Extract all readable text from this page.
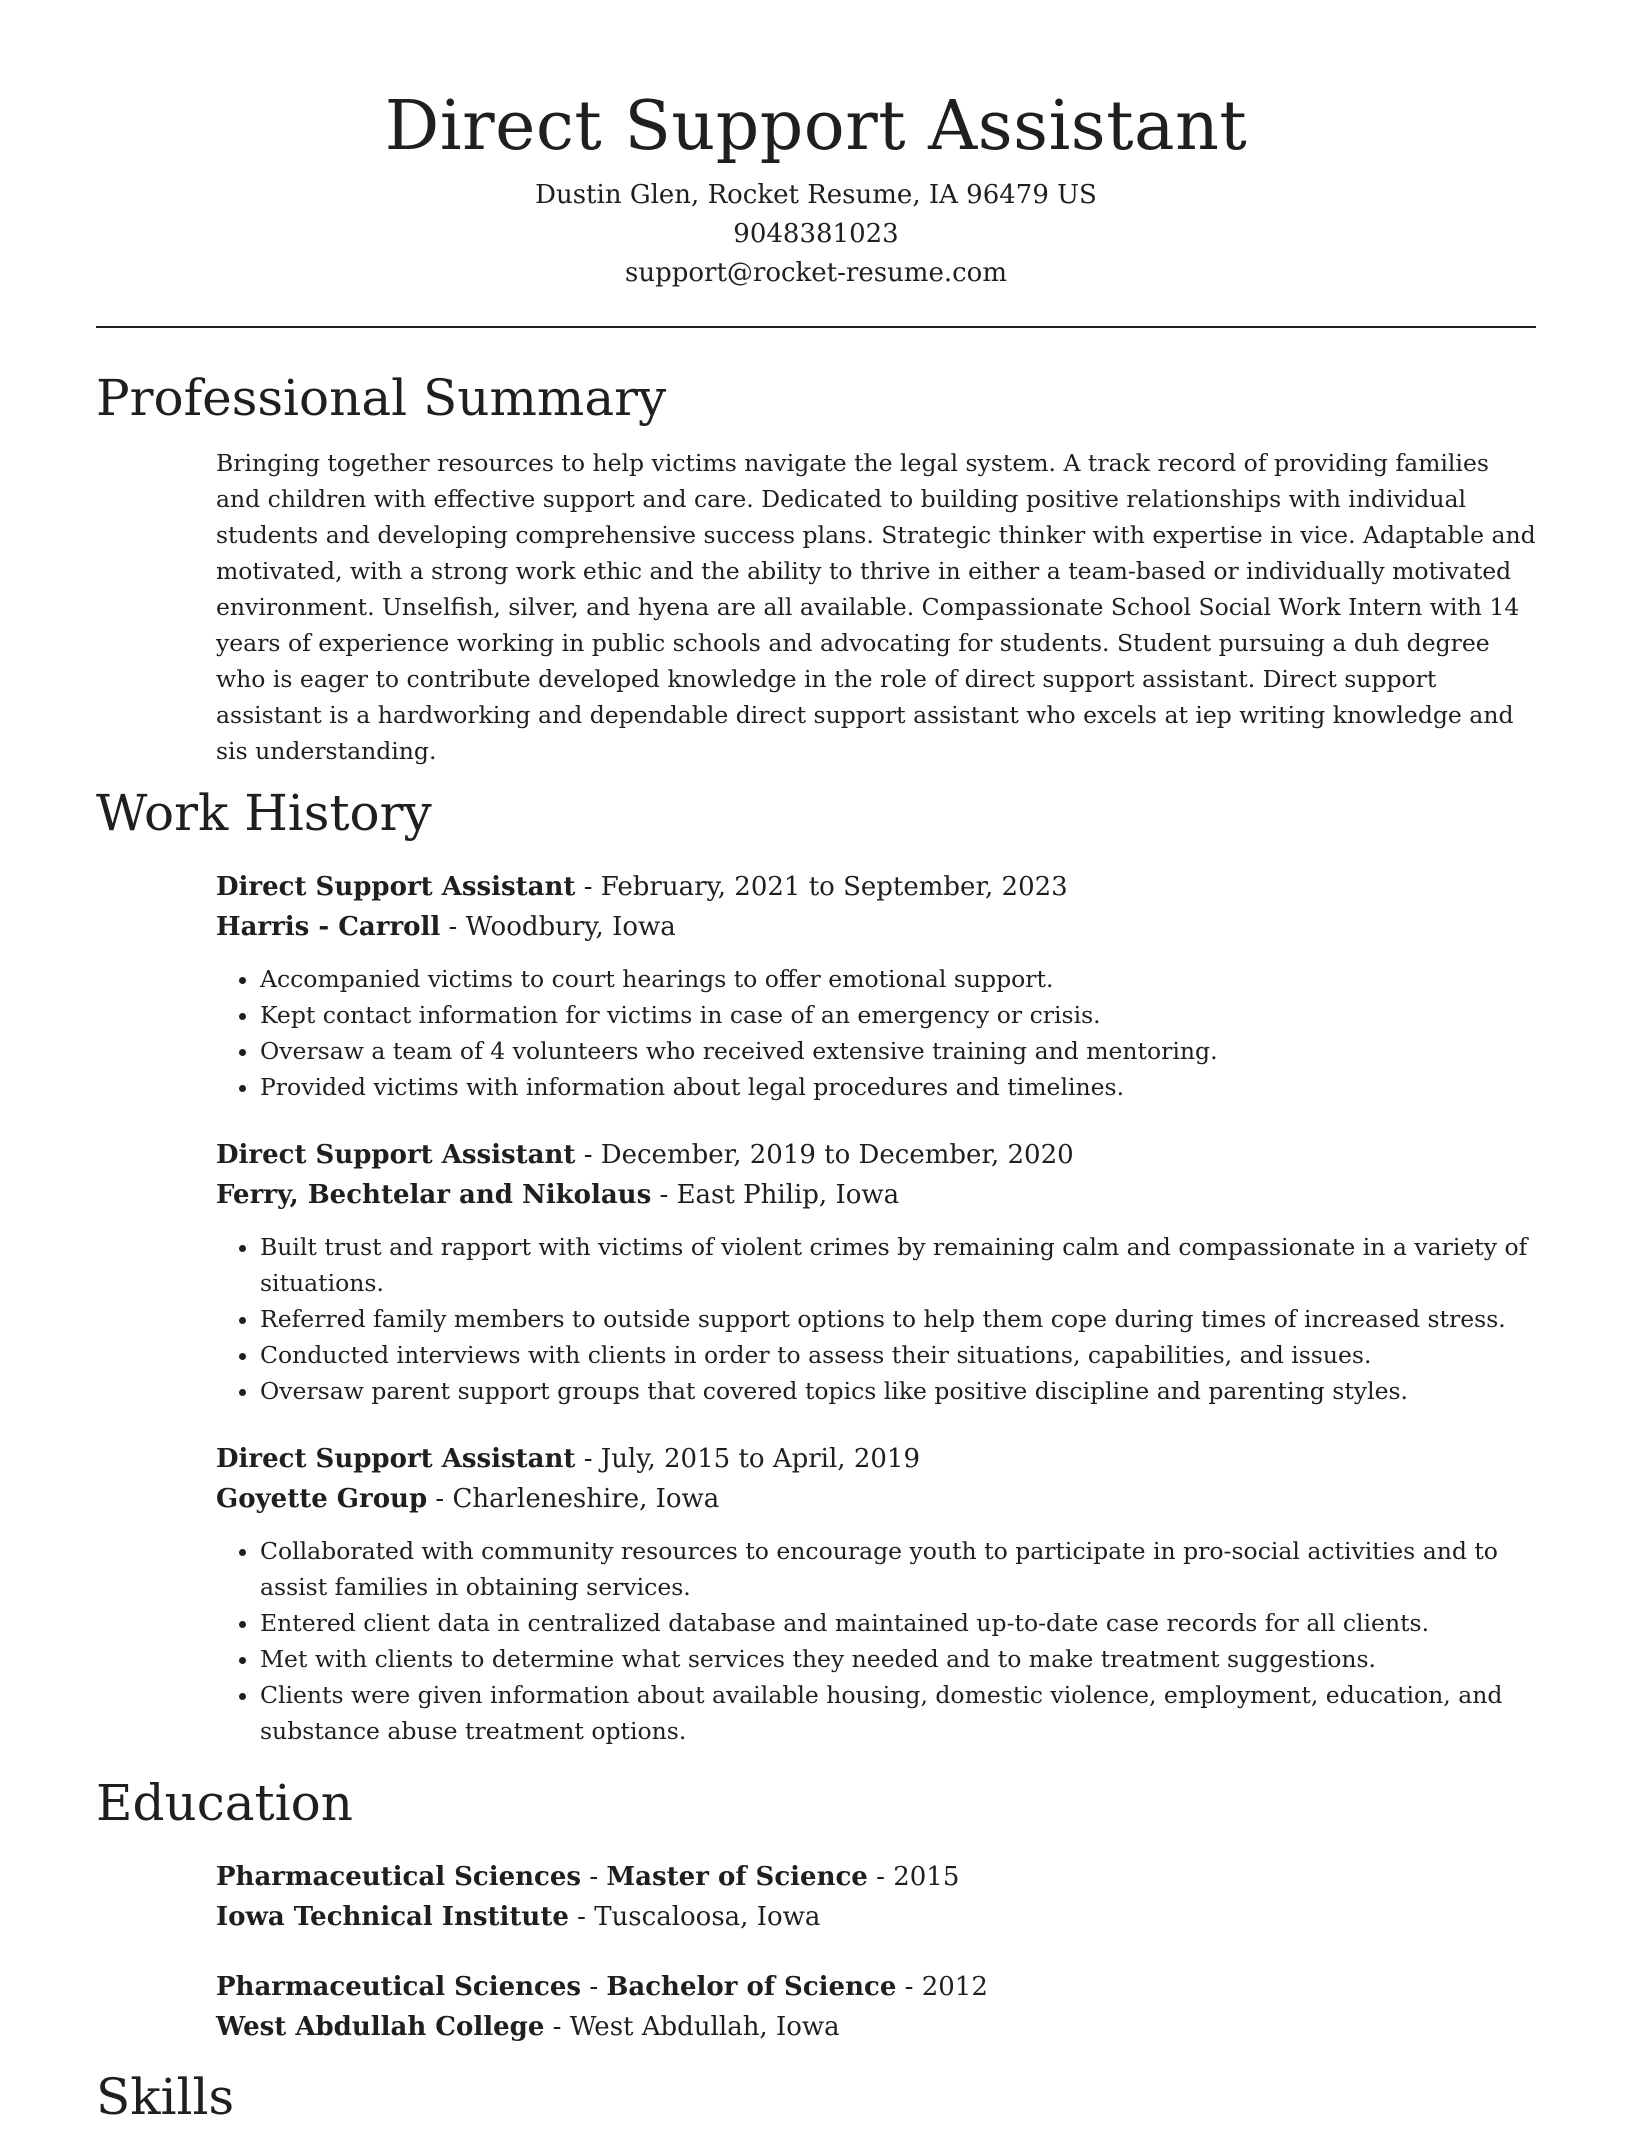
Direct Support Assistant
Dustin Glen, Rocket Resume, IA 96479 US
9048381023
support@rocket-resume.com
Professional Summary
Bringing together resources to help victims navigate the legal system. A track record of providing families and children with effective support and care. Dedicated to building positive relationships with individual students and developing comprehensive success plans. Strategic thinker with expertise in vice. Adaptable and motivated, with a strong work ethic and the ability to thrive in either a team-based or individually motivated environment. Unselfish, silver, and hyena are all available. Compassionate School Social Work Intern with 14 years of experience working in public schools and advocating for students. Student pursuing a duh degree who is eager to contribute developed knowledge in the role of direct support assistant. Direct support assistant is a hardworking and dependable direct support assistant who excels at iep writing knowledge and sis understanding.
Work History
Direct Support Assistant - February, 2021 to September, 2023
Harris - Carroll - Woodbury, Iowa
• Accompanied victims to court hearings to offer emotional support.
• Kept contact information for victims in case of an emergency or crisis.
• Oversaw a team of 4 volunteers who received extensive training and mentoring.
• Provided victims with information about legal procedures and timelines.
Direct Support Assistant - December, 2019 to December, 2020
Ferry, Bechtelar and Nikolaus - East Philip, Iowa
• Built trust and rapport with victims of violent crimes by remaining calm and compassionate in a variety of situations.
• Referred family members to outside support options to help them cope during times of increased stress.
• Conducted interviews with clients in order to assess their situations, capabilities, and issues.
• Oversaw parent support groups that covered topics like positive discipline and parenting styles.
Direct Support Assistant - July, 2015 to April, 2019
Goyette Group - Charleneshire, Iowa
• Collaborated with community resources to encourage youth to participate in pro-social activities and to assist families in obtaining services.
• Entered client data in centralized database and maintained up-to-date case records for all clients.
• Met with clients to determine what services they needed and to make treatment suggestions.
• Clients were given information about available housing, domestic violence, employment, education, and substance abuse treatment options.
Education
Pharmaceutical Sciences - Master of Science - 2015
Iowa Technical Institute - Tuscaloosa, Iowa
Pharmaceutical Sciences - Bachelor of Science - 2012
West Abdullah College - West Abdullah, Iowa
Skills
